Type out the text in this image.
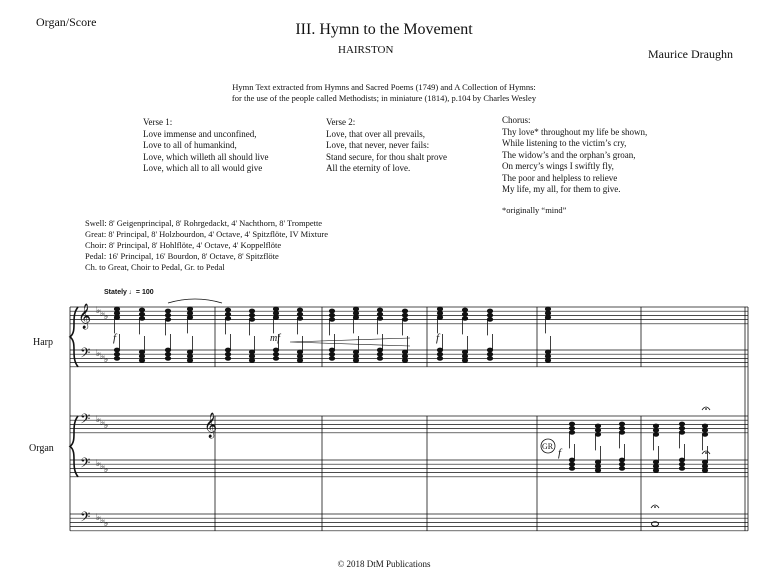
Organ/Score	III. Hymn to the Movement
HAIRSTON	Maurice Draughn
Hymn Text extracted from Hymns and Sacred Poems (1749) and A Collection of Hymns:
for the use of the people called Methodists; in miniature (1814), p.104 by Charles Wesley
Verse 1:
Love immense and unconfined,
Love to all of humankind,
Love, which willeth all should live
Love, which all to all would give
Verse 2:
Love, that over all prevails,
Love, that never, never fails:
Stand secure, for thou shalt prove
All the eternity of love.
Chorus:
Thy love* throughout my life be shown,
While listening to the victim’s cry,
The widow’s and the orphan’s groan,
On mercy’s wings I swiftly fly,
The poor and helpless to relieve
My life, my all, for them to give.
*originally “mind”
Swell: 8' Geigenprincipal, 8' Rohrgedackt, 4' Nachthorn, 8' Trompette
Great: 8' Principal, 8' Holzbourdon, 4' Octave, 4' Spitzflöte, IV Mixture
Choir: 8' Principal, 8' Hohlflöte, 4' Octave, 4' Koppelflöte
Pedal: 16' Principal, 16' Bourdon, 8' Octave, 8' Spitzflöte
Ch. to Great, Choir to Pedal, Gr. to Pedal
Stately ♩= 100
Harp
Organ
𝄞
𝄢
𝄢
𝄢
𝄢
𝄞
♭ ♭ ♭
♭ ♭ ♭
♭ ♭ ♭
♭ ♭ ♭
♭ ♭ ♭
f	mf	f
f
GR
© 2018 DtM Publications
